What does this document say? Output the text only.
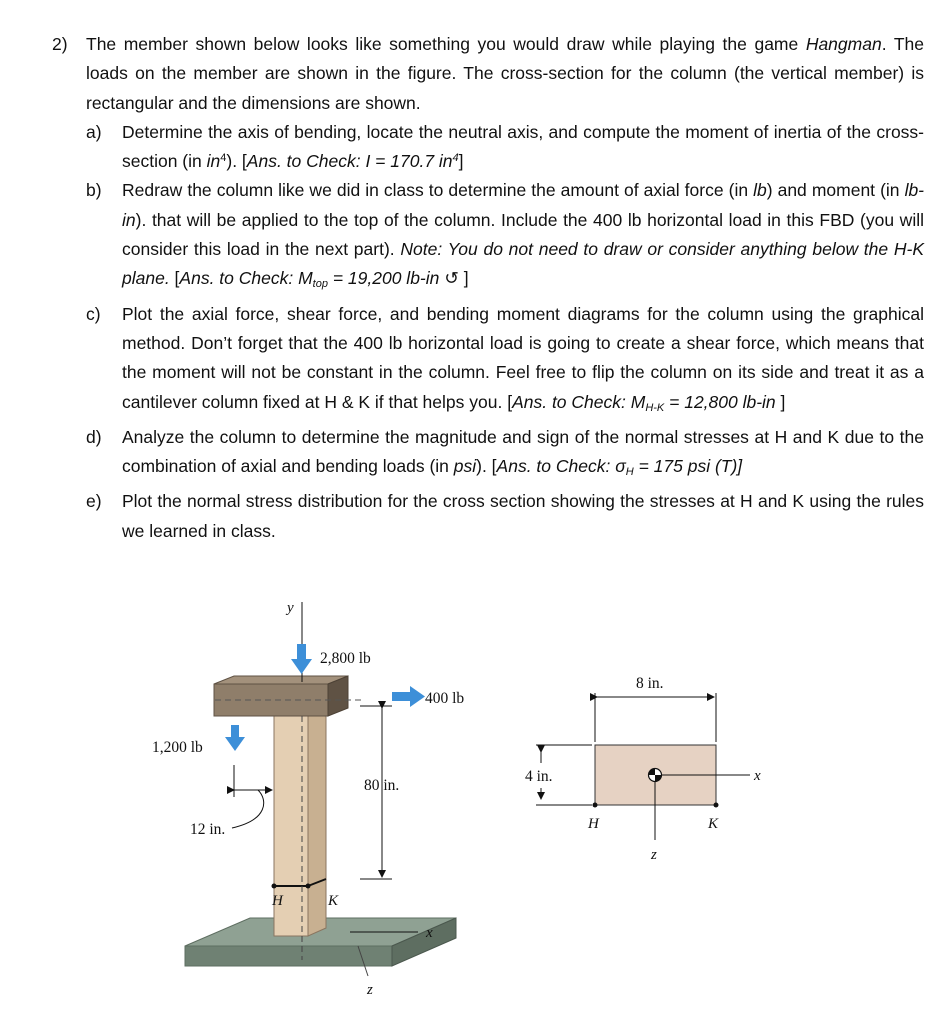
2)	The member shown below looks like something you would draw while playing the game Hangman. The loads on the member are shown in the figure. The cross-section for the column (the vertical member) is rectangular and the dimensions are shown.
a)	Determine the axis of bending, locate the neutral axis, and compute the moment of inertia of the cross-section (in $in^4$). [Ans. to Check: I = 170.7 $in^4$]
b)	Redraw the column like we did in class to determine the amount of axial force (in lb) and moment (in lb-in). that will be applied to the top of the column. Include the 400 lb horizontal load in this FBD (you will consider this load in the next part). Note: You do not need to draw or consider anything below the H-K plane. [Ans. to Check: $M_{top} = 19,200$ lb-in ↺ ]
c)	Plot the axial force, shear force, and bending moment diagrams for the column using the graphical method. Don’t forget that the 400 lb horizontal load is going to create a shear force, which means that the moment will not be constant in the column. Feel free to flip the column on its side and treat it as a cantilever column fixed at H & K if that helps you. [Ans. to Check: $M_{H-K} = 12,800$ lb-in ]
d)	Analyze the column to determine the magnitude and sign of the normal stresses at H and K due to the combination of axial and bending loads (in psi). [Ans. to Check: $\sigma_H = 175$ psi (T)]
e)	Plot the normal stress distribution for the cross section showing the stresses at H and K using the rules we learned in class.
y
2,800 lb
400 lb
1,200 lb
12 in.
80 in.
H	K
x
z
8 in.
4 in.	x
z
H	K
